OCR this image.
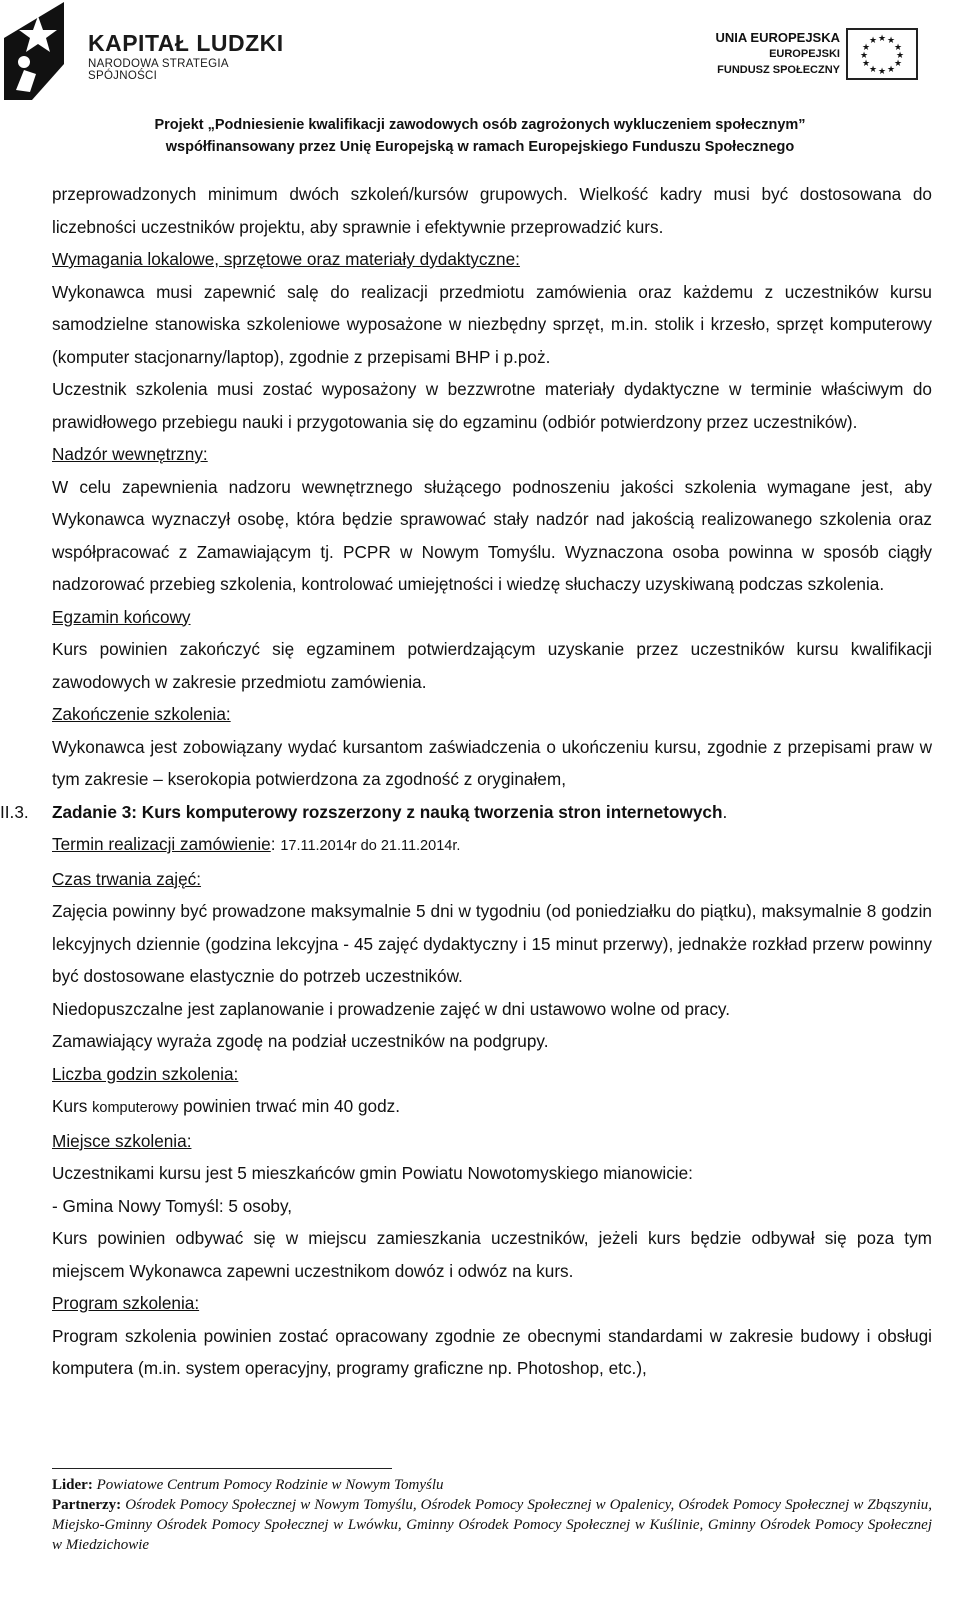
KAPITAŁ LUDZKI
NARODOWA STRATEGIA SPÓJNOŚCI
UNIA EUROPEJSKA
EUROPEJSKI
FUNDUSZ SPOŁECZNY
★ ★
★
★
★
★
★
★
★
★
★
★
Projekt „Podniesienie kwalifikacji zawodowych osób zagrożonych wykluczeniem społecznym”
współfinansowany przez Unię Europejską w ramach Europejskiego Funduszu Społecznego

przeprowadzonych minimum dwóch szkoleń/kursów grupowych. Wielkość kadry musi być dostosowana do liczebności uczestników projektu, aby sprawnie i efektywnie przeprowadzić kurs.

Wymagania lokalowe, sprzętowe oraz materiały dydaktyczne:

Wykonawca musi zapewnić salę do realizacji przedmiotu zamówienia oraz każdemu z uczestników kursu samodzielne stanowiska szkoleniowe wyposażone w niezbędny sprzęt, m.in. stolik i krzesło, sprzęt komputerowy (komputer stacjonarny/laptop), zgodnie z przepisami BHP i p.poż.

Uczestnik szkolenia musi zostać wyposażony w bezzwrotne materiały dydaktyczne w terminie właściwym do prawidłowego przebiegu nauki i przygotowania się do egzaminu (odbiór potwierdzony przez uczestników).

Nadzór wewnętrzny:

W celu zapewnienia nadzoru wewnętrznego służącego podnoszeniu jakości szkolenia wymagane jest, aby Wykonawca wyznaczył osobę, która będzie sprawować stały nadzór nad jakością realizowanego szkolenia oraz współpracować z Zamawiającym tj. PCPR w Nowym Tomyślu. Wyznaczona osoba powinna w sposób ciągły nadzorować przebieg szkolenia, kontrolować umiejętności i wiedzę słuchaczy uzyskiwaną podczas szkolenia.

Egzamin końcowy

Kurs powinien zakończyć się egzaminem potwierdzającym uzyskanie przez uczestników kursu kwalifikacji zawodowych w zakresie przedmiotu zamówienia.

Zakończenie szkolenia:

Wykonawca jest zobowiązany wydać kursantom zaświadczenia o ukończeniu kursu, zgodnie z przepisami praw w tym zakresie – kserokopia potwierdzona za zgodność z oryginałem,

II.3. Zadanie 3: Kurs komputerowy rozszerzony z nauką tworzenia stron internetowych.

Termin realizacji zamówienie: 17.11.2014r do 21.11.2014r.

Czas trwania zajęć:

Zajęcia powinny być prowadzone maksymalnie 5 dni w tygodniu (od poniedziałku do piątku), maksymalnie 8 godzin lekcyjnych dziennie (godzina lekcyjna - 45 zajęć dydaktyczny i 15 minut przerwy), jednakże rozkład przerw powinny być dostosowane elastycznie do potrzeb uczestników.

Niedopuszczalne jest zaplanowanie i prowadzenie zajęć w dni ustawowo wolne od pracy.

Zamawiający wyraża zgodę na podział uczestników na podgrupy.

Liczba godzin szkolenia:

Kurs komputerowy powinien trwać min 40 godz.

Miejsce szkolenia:

Uczestnikami kursu jest 5 mieszkańców gmin Powiatu Nowotomyskiego mianowicie:

- Gmina Nowy Tomyśl: 5 osoby,

Kurs powinien odbywać się w miejscu zamieszkania uczestników, jeżeli kurs będzie odbywał się poza tym miejscem Wykonawca zapewni uczestnikom dowóz i odwóz na kurs.

Program szkolenia:

Program szkolenia powinien zostać opracowany zgodnie ze obecnymi standardami w zakresie budowy i obsługi komputera (m.in. system operacyjny, programy graficzne np. Photoshop, etc.),

Lider: Powiatowe Centrum Pomocy Rodzinie w Nowym Tomyślu

Partnerzy: Ośrodek Pomocy Społecznej w Nowym Tomyślu, Ośrodek Pomocy Społecznej w Opalenicy, Ośrodek Pomocy Społecznej w Zbąszyniu, Miejsko-Gminny Ośrodek Pomocy Społecznej w Lwówku, Gminny Ośrodek Pomocy Społecznej w Kuślinie, Gminny Ośrodek Pomocy Społecznej w Miedzichowie
